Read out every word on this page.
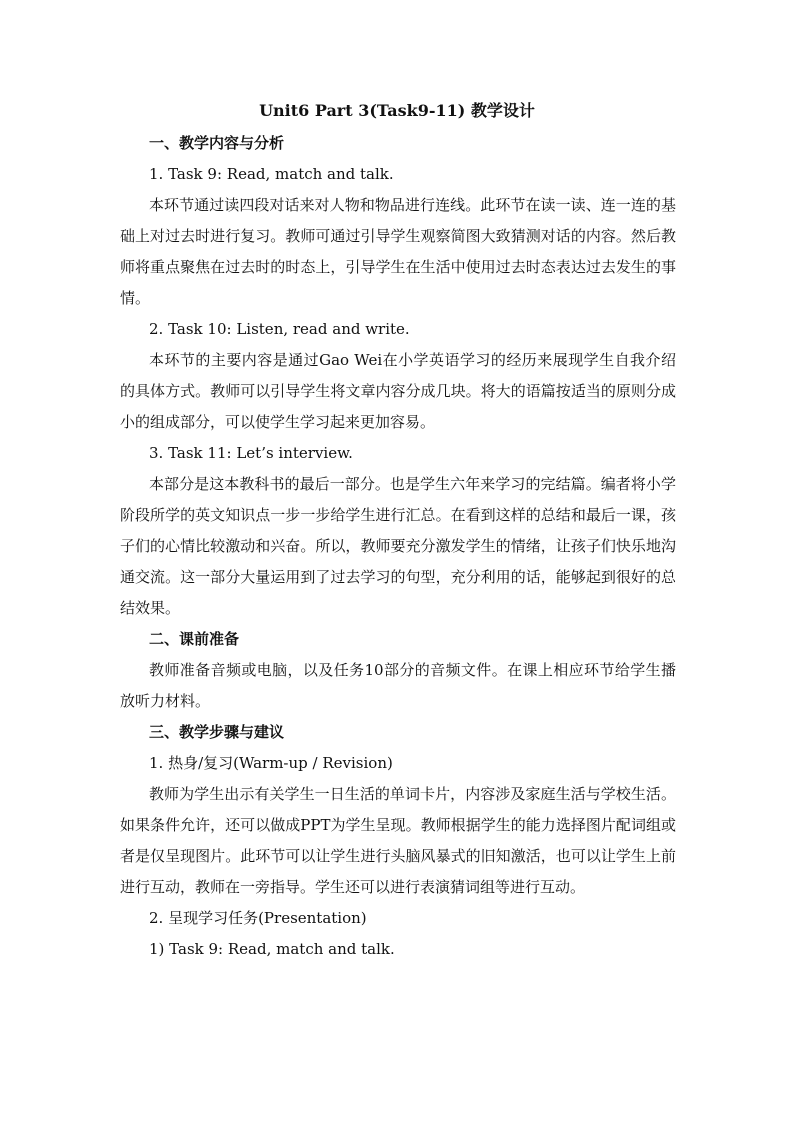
Unit6 Part 3(Task9-11) 教学设计
一、教学内容与分析
1. Task 9: Read, match and talk.

本环节通过读四段对话来对人物和物品进行连线。此环节在读一读、连一连的基础上对过去时进行复习。教师可通过引导学生观察简图大致猜测对话的内容。然后教师将重点聚焦在过去时的时态上，引导学生在生活中使用过去时态表达过去发生的事情。

2. Task 10: Listen, read and write.

本环节的主要内容是通过Gao Wei在小学英语学习的经历来展现学生自我介绍的具体方式。教师可以引导学生将文章内容分成几块。将大的语篇按适当的原则分成小的组成部分，可以使学生学习起来更加容易。

3. Task 11: Let’s interview.

本部分是这本教科书的最后一部分。也是学生六年来学习的完结篇。编者将小学阶段所学的英文知识点一步一步给学生进行汇总。在看到这样的总结和最后一课，孩子们的心情比较激动和兴奋。所以，教师要充分激发学生的情绪，让孩子们快乐地沟通交流。这一部分大量运用到了过去学习的句型，充分利用的话，能够起到很好的总结效果。

二、课前准备

教师准备音频或电脑，以及任务10部分的音频文件。在课上相应环节给学生播放听力材料。

三、教学步骤与建议
1. 热身/复习(Warm-up / Revision)

教师为学生出示有关学生一日生活的单词卡片，内容涉及家庭生活与学校生活。如果条件允许，还可以做成PPT为学生呈现。教师根据学生的能力选择图片配词组或者是仅呈现图片。此环节可以让学生进行头脑风暴式的旧知激活，也可以让学生上前进行互动，教师在一旁指导。学生还可以进行表演猜词组等进行互动。

2. 呈现学习任务(Presentation)
1) Task 9: Read, match and talk.
